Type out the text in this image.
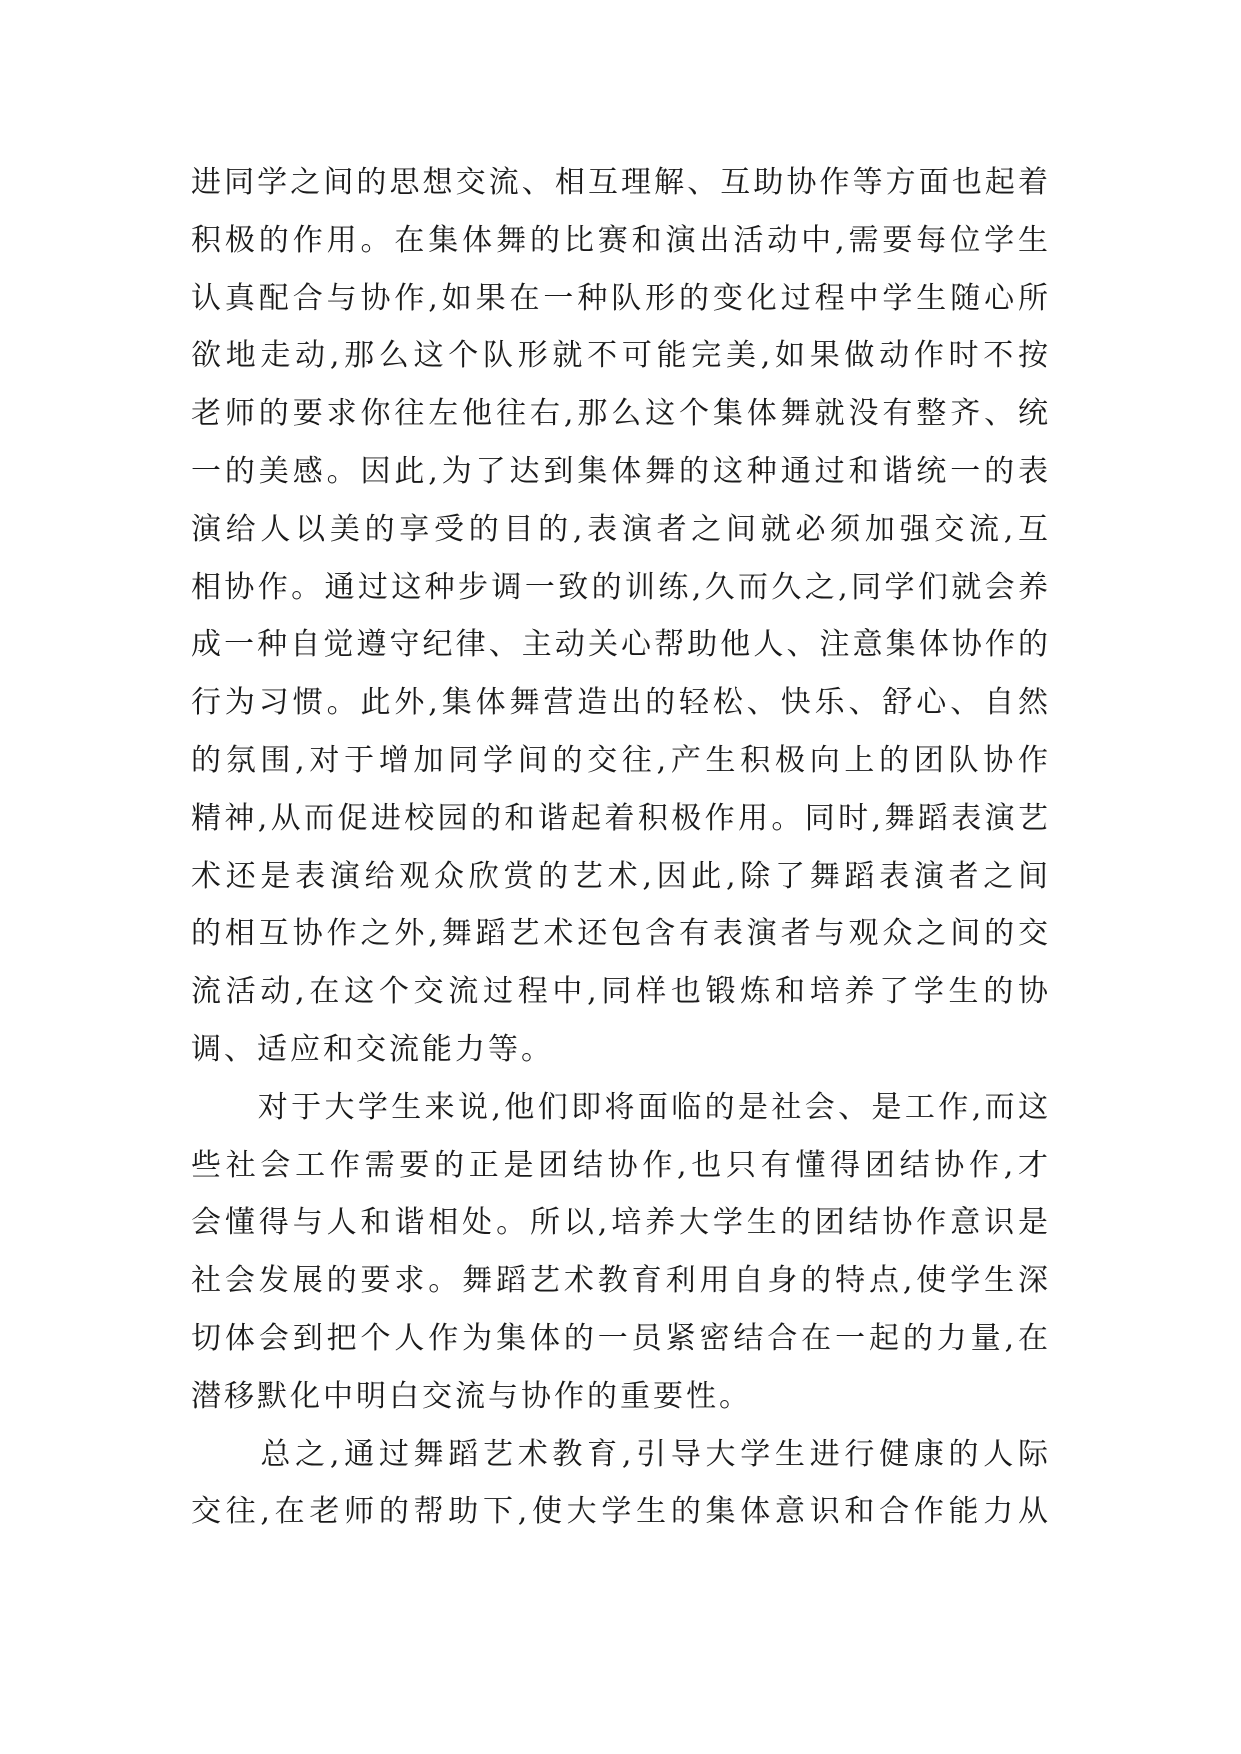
进同学之间的思想交流、相互理解、互助协作等方面也起着
积极的作用。在集体舞的比赛和演出活动中,需要每位学生
认真配合与协作,如果在一种队形的变化过程中学生随心所
欲地走动,那么这个队形就不可能完美,如果做动作时不按
老师的要求你往左他往右,那么这个集体舞就没有整齐、统
一的美感。因此,为了达到集体舞的这种通过和谐统一的表
演给人以美的享受的目的,表演者之间就必须加强交流,互
相协作。通过这种步调一致的训练,久而久之,同学们就会养
成一种自觉遵守纪律、主动关心帮助他人、注意集体协作的
行为习惯。此外,集体舞营造出的轻松、快乐、舒心、自然
的氛围,对于增加同学间的交往,产生积极向上的团队协作
精神,从而促进校园的和谐起着积极作用。同时,舞蹈表演艺
术还是表演给观众欣赏的艺术,因此,除了舞蹈表演者之间
的相互协作之外,舞蹈艺术还包含有表演者与观众之间的交
流活动,在这个交流过程中,同样也锻炼和培养了学生的协
调、适应和交流能力等。
　　对于大学生来说,他们即将面临的是社会、是工作,而这
些社会工作需要的正是团结协作,也只有懂得团结协作,才
会懂得与人和谐相处。所以,培养大学生的团结协作意识是
社会发展的要求。舞蹈艺术教育利用自身的特点,使学生深
切体会到把个人作为集体的一员紧密结合在一起的力量,在
潜移默化中明白交流与协作的重要性。
　　总之,通过舞蹈艺术教育,引导大学生进行健康的人际
交往,在老师的帮助下,使大学生的集体意识和合作能力从
